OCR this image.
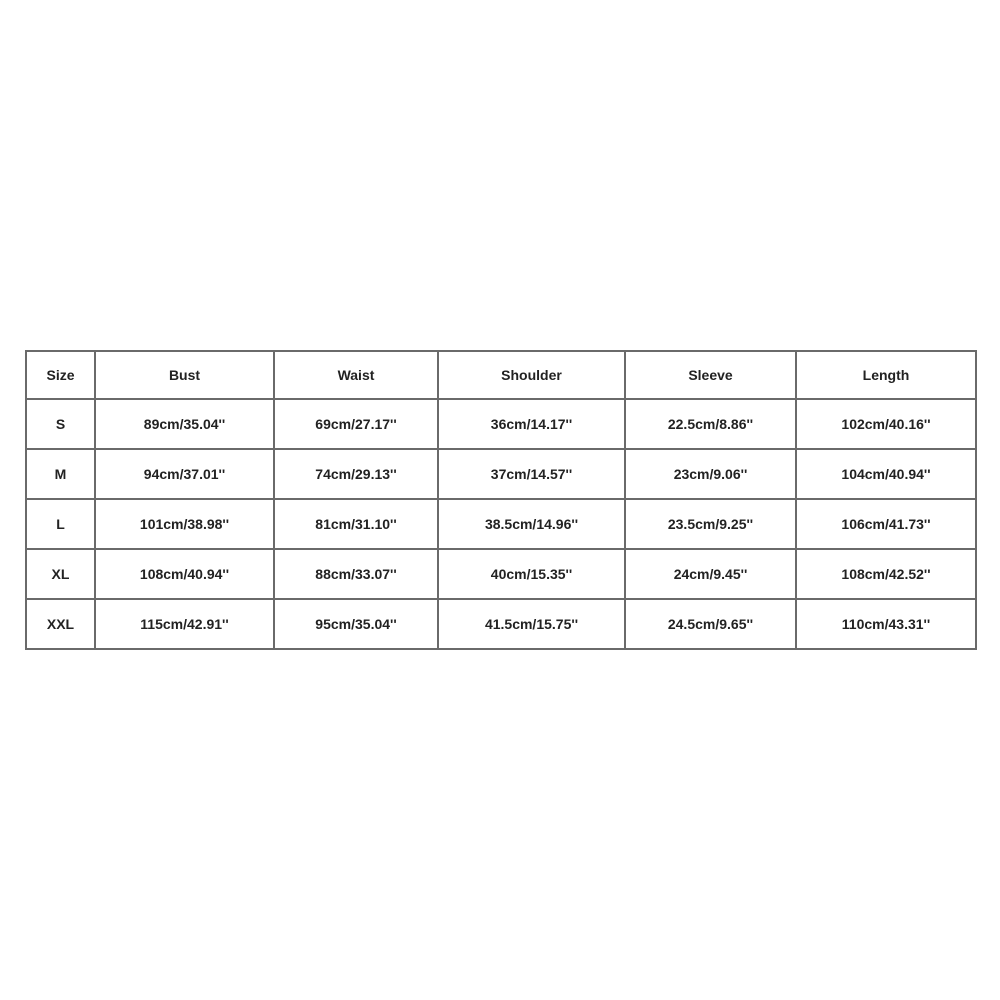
Size	Bust	Waist	Shoulder	Sleeve	Length
S	89cm/35.04''	69cm/27.17''	36cm/14.17''	22.5cm/8.86''	102cm/40.16''
M	94cm/37.01''	74cm/29.13''	37cm/14.57''	23cm/9.06''	104cm/40.94''
L	101cm/38.98''	81cm/31.10''	38.5cm/14.96''	23.5cm/9.25''	106cm/41.73''
XL	108cm/40.94''	88cm/33.07''	40cm/15.35''	24cm/9.45''	108cm/42.52''
XXL	115cm/42.91''	95cm/35.04''	41.5cm/15.75''	24.5cm/9.65''	110cm/43.31''
